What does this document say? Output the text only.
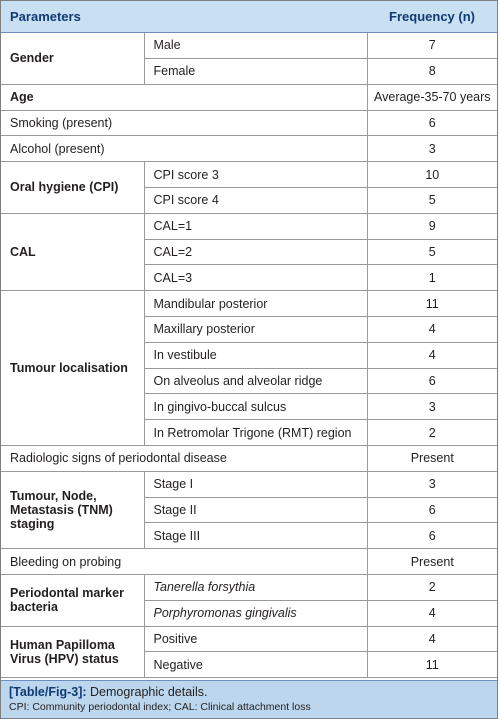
Parameters		Frequency (n)
Gender	Male	7
	Female	8
Age		Average-35-70 years
Smoking (present)		6
Alcohol (present)		3
Oral hygiene (CPI)	CPI score 3	10
	CPI score 4	5
CAL	CAL=1	9
	CAL=2	5
	CAL=3	1
Tumour localisation	Mandibular posterior	11
	Maxillary posterior	4
	In vestibule	4
	On alveolus and alveolar ridge	6
	In gingivo-buccal sulcus	3
	In Retromolar Trigone (RMT) region	2
Radiologic signs of periodontal disease		Present
Tumour, Node, Metastasis (TNM) staging	Stage I	3
	Stage II	6
	Stage III	6
Bleeding on probing		Present
Periodontal marker bacteria	Tanerella forsythia	2
	Porphyromonas gingivalis	4
Human Papilloma Virus (HPV) status	Positive	4
	Negative	11
[Table/Fig-3]: Demographic details.
CPI: Community periodontal index; CAL: Clinical attachment loss
